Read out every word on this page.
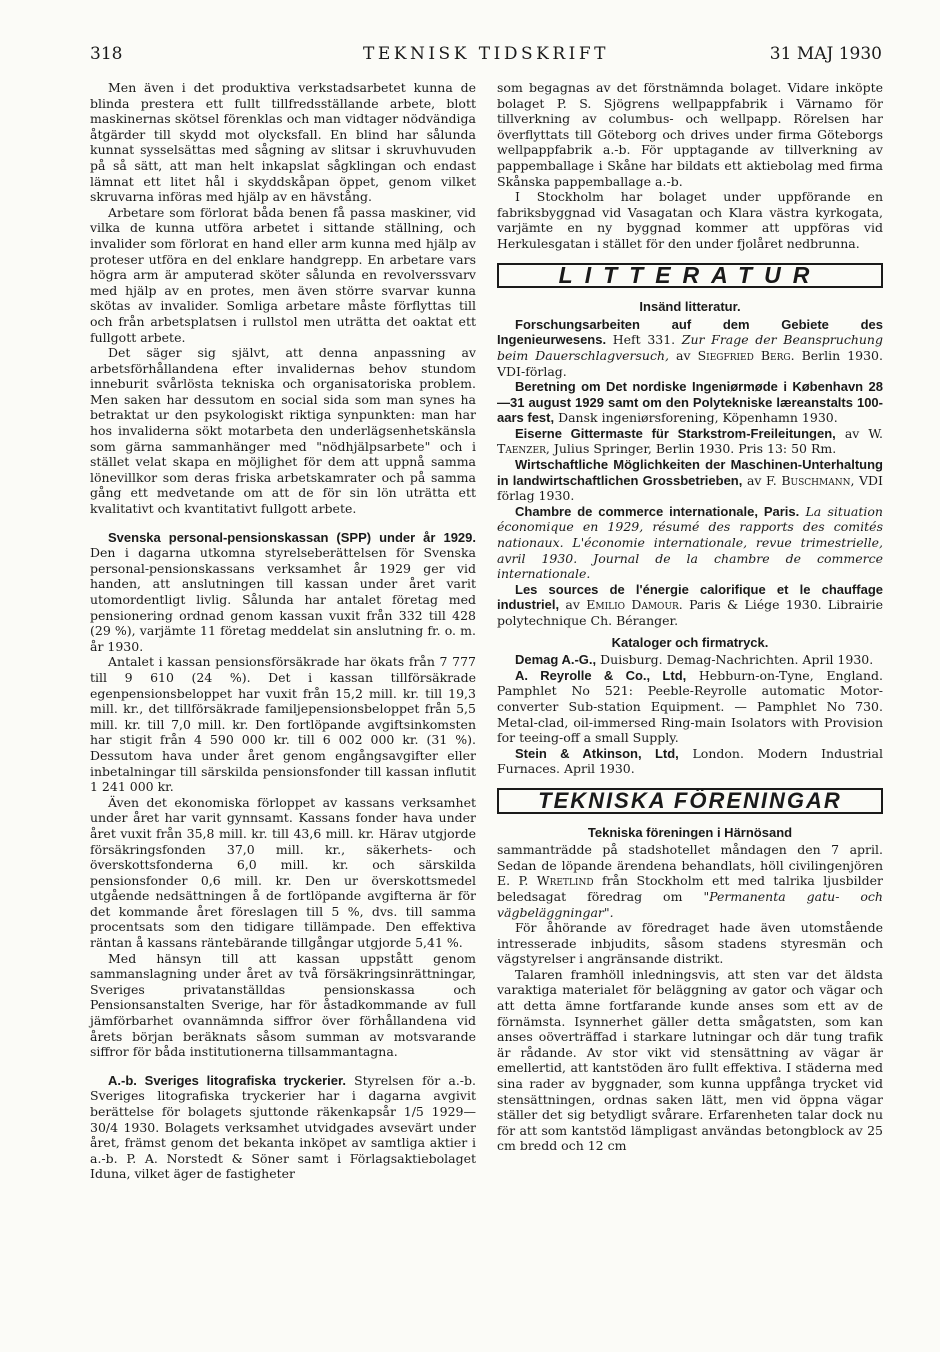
318	TEKNISK TIDSKRIFT	31 MAJ 1930

Men även i det produktiva verkstadsarbetet kunna de blinda prestera ett fullt tillfredsställande arbete, blott maskinernas skötsel förenklas och man vidtager nödvändiga åtgärder till skydd mot olycksfall. En blind har sålunda kunnat sysselsättas med sågning av slitsar i skruvhuvuden på så sätt, att man helt inkapslat sågklingan och endast lämnat ett litet hål i skyddskåpan öppet, genom vilket skruvarna införas med hjälp av en hävstång.

Arbetare som förlorat båda benen få passa maskiner, vid vilka de kunna utföra arbetet i sittande ställning, och invalider som förlorat en hand eller arm kunna med hjälp av proteser utföra en del enklare handgrepp. En arbetare vars högra arm är amputerad sköter sålunda en revolverssvarv med hjälp av en protes, men även större svarvar kunna skötas av invalider. Somliga arbetare måste förflyttas till och från arbetsplatsen i rullstol men uträtta det oaktat ett fullgott arbete.

Det säger sig självt, att denna anpassning av arbetsförhållandena efter invalidernas behov stundom inneburit svårlösta tekniska och organisatoriska problem. Men saken har dessutom en social sida som man synes ha betraktat ur den psykologiskt riktiga synpunkten: man har hos invaliderna sökt motarbeta den underlägsenhetskänsla som gärna sammanhänger med "nödhjälpsarbete" och i stället velat skapa en möjlighet för dem att uppnå samma lönevillkor som deras friska arbetskamrater och på samma gång ett medvetande om att de för sin lön uträtta ett kvalitativt och kvantitativt fullgott arbete.

Svenska personal-pensionskassan (SPP) under år 1929. Den i dagarna utkomna styrelseberättelsen för Svenska personal-pensionskassans verksamhet år 1929 ger vid handen, att anslutningen till kassan under året varit utomordentligt livlig. Sålunda har antalet företag med pensionering ordnad genom kassan vuxit från 332 till 428 (29 %), varjämte 11 företag meddelat sin anslutning fr. o. m. år 1930.

Antalet i kassan pensionsförsäkrade har ökats från 7 777 till 9 610 (24 %). Det i kassan tillförsäkrade egenpensionsbeloppet har vuxit från 15,2 mill. kr. till 19,3 mill. kr., det tillförsäkrade familjepensionsbeloppet från 5,5 mill. kr. till 7,0 mill. kr. Den fortlöpande avgiftsinkomsten har stigit från 4 590 000 kr. till 6 002 000 kr. (31 %). Dessutom hava under året genom engångsavgifter eller inbetalningar till särskilda pensionsfonder till kassan influtit 1 241 000 kr.

Även det ekonomiska förloppet av kassans verksamhet under året har varit gynnsamt. Kassans fonder hava under året vuxit från 35,8 mill. kr. till 43,6 mill. kr. Härav utgjorde försäkringsfonden 37,0 mill. kr., säkerhets- och överskottsfonderna 6,0 mill. kr. och särskilda pensionsfonder 0,6 mill. kr. Den ur överskottsmedel utgående nedsättningen å de fortlöpande avgifterna är för det kommande året föreslagen till 5 %, dvs. till samma procentsats som den tidigare tillämpade. Den effektiva räntan å kassans räntebärande tillgångar utgjorde 5,41 %.

Med hänsyn till att kassan uppstått genom sammanslagning under året av två försäkringsinrättningar, Sveriges privatanställdas pensionskassa och Pensionsanstalten Sverige, har för åstadkommande av full jämförbarhet ovannämnda siffror över förhållandena vid årets början beräknats såsom summan av motsvarande siffror för båda institutionerna tillsammantagna.

A.-b. Sveriges litografiska tryckerier. Styrelsen för a.-b. Sveriges litografiska tryckerier har i dagarna avgivit berättelse för bolagets sjuttonde räkenkapsår 1/5 1929—30/4 1930. Bolagets verksamhet utvidgades avsevärt under året, främst genom det bekanta inköpet av samtliga aktier i a.-b. P. A. Norstedt & Söner samt i Förlagsaktiebolaget Iduna, vilket äger de fastigheter

som begagnas av det förstnämnda bolaget. Vidare inköpte bolaget P. S. Sjögrens wellpappfabrik i Värnamo för tillverkning av columbus- och wellpapp. Rörelsen har överflyttats till Göteborg och drives under firma Göteborgs wellpappfabrik a.-b. För upptagande av tillverkning av pappemballage i Skåne har bildats ett aktiebolag med firma Skånska pappemballage a.-b.

I Stockholm har bolaget under uppförande en fabriksbyggnad vid Vasagatan och Klara västra kyrkogata, varjämte en ny byggnad kommer att uppföras vid Herkulesgatan i stället för den under fjolåret nedbrunna.

LITTERATUR

Insänd litteratur.

Forschungsarbeiten auf dem Gebiete des Ingenieurwesens. Heft 331. Zur Frage der Beanspruchung beim Dauerschlagversuch, av Siegfried Berg. Berlin 1930. VDI-förlag.

Beretning om Det nordiske Ingeniørmøde i København 28—31 august 1929 samt om den Polytekniske læreanstalts 100-aars fest, Dansk ingeniørsforening, Köpenhamn 1930.

Eiserne Gittermaste für Starkstrom-Freileitungen, av W. Taenzer, Julius Springer, Berlin 1930. Pris 13: 50 Rm.

Wirtschaftliche Möglichkeiten der Maschinen-Unterhaltung in landwirtschaftlichen Grossbetrieben, av F. Buschmann, VDI förlag 1930.

Chambre de commerce internationale, Paris. La situation économique en 1929, résumé des rapports des comités nationaux. L'économie internationale, revue trimestrielle, avril 1930. Journal de la chambre de commerce internationale.

Les sources de l'énergie calorifique et le chauffage industriel, av Emilio Damour. Paris & Liége 1930. Librairie polytechnique Ch. Béranger.

Kataloger och firmatryck.

Demag A.-G., Duisburg. Demag-Nachrichten. April 1930.

A. Reyrolle & Co., Ltd, Hebburn-on-Tyne, England. Pamphlet No 521: Peeble-Reyrolle automatic Motor-converter Sub-station Equipment. — Pamphlet No 730. Metal-clad, oil-immersed Ring-main Isolators with Provision for teeing-off a small Supply.

Stein & Atkinson, Ltd, London. Modern Industrial Furnaces. April 1930.

TEKNISKA FÖRENINGAR

Tekniska föreningen i Härnösand

sammanträdde på stadshotellet måndagen den 7 april. Sedan de löpande ärendena behandlats, höll civilingenjören E. P. Wretlind från Stockholm ett med talrika ljusbilder beledsagat föredrag om "Permanenta gatu- och vägbeläggningar".

För åhörande av föredraget hade även utomstående intresserade inbjudits, såsom stadens styresmän och vägstyrelser i angränsande distrikt.

Talaren framhöll inledningsvis, att sten var det äldsta varaktiga materialet för beläggning av gator och vägar och att detta ämne fortfarande kunde anses som ett av de förnämsta. Isynnerhet gäller detta smågatsten, som kan anses oöverträffad i starkare lutningar och där tung trafik är rådande. Av stor vikt vid stensättning av vägar är emellertid, att kantstöden äro fullt effektiva. I städerna med sina rader av byggnader, som kunna uppfånga trycket vid stensättningen, ordnas saken lätt, men vid öppna vägar ställer det sig betydligt svårare. Erfarenheten talar dock nu för att som kantstöd lämpligast användas betongblock av 25 cm bredd och 12 cm
